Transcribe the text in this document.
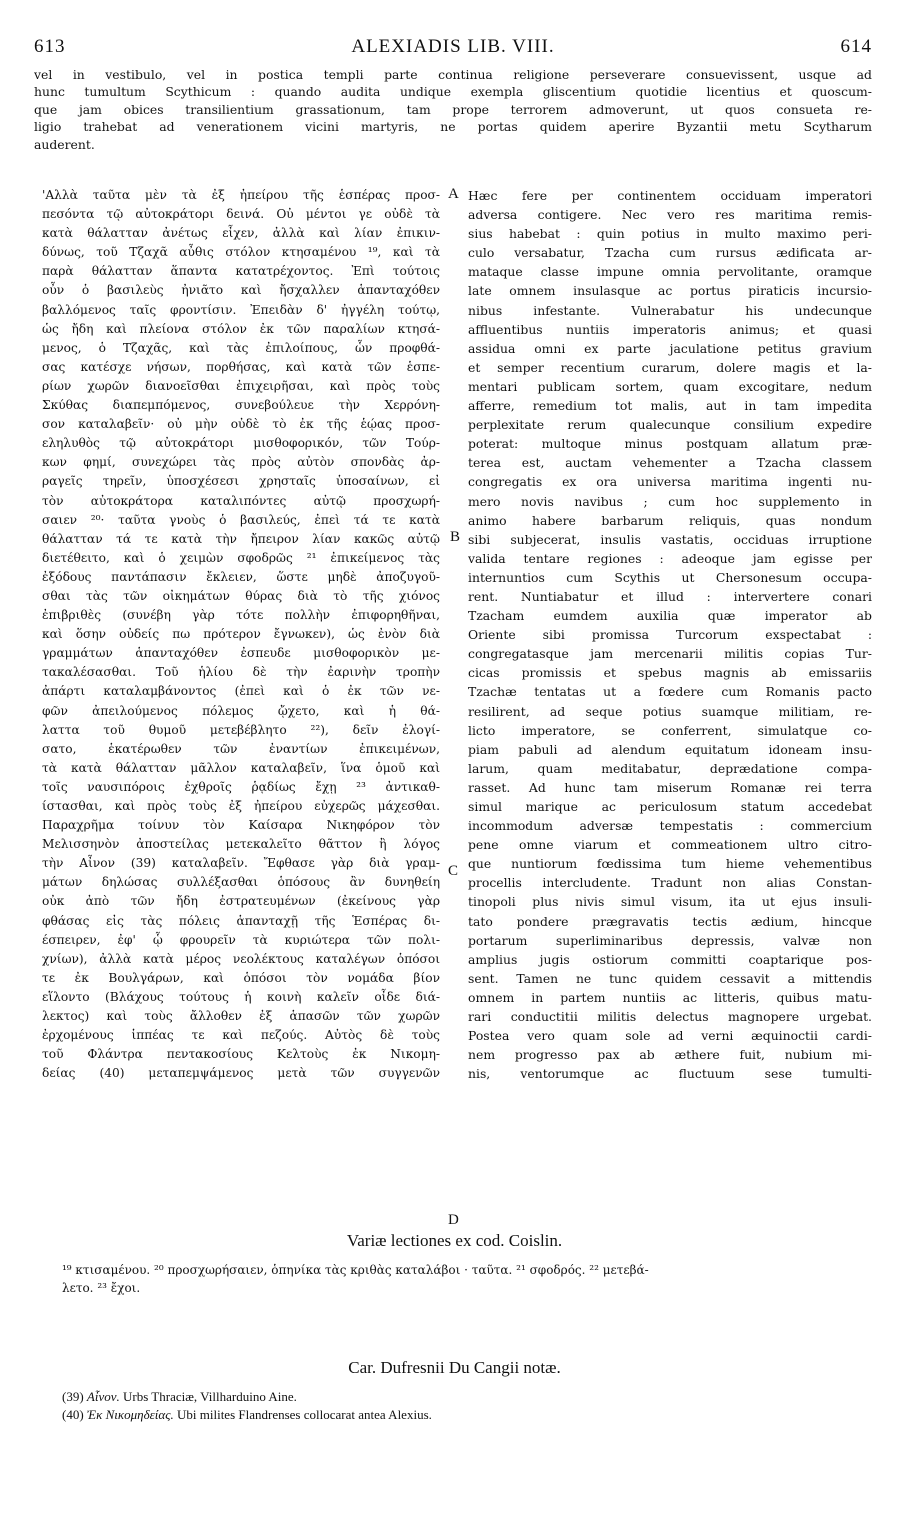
613	ALEXIADIS LIB. VIII.	614
vel in vestibulo, vel in postica templi parte continua religione perseverare consuevissent, usque ad
hunc tumultum Scythicum : quando audita undique exempla gliscentium quotidie licentius et quoscum-
que jam obices transilientium grassationum, tam prope terrorem admoverunt, ut quos consueta re-
ligio trahebat ad venerationem vicini martyris, ne portas quidem aperire Byzantii metu Scytharum
auderent.
'Αλλὰ ταῦτα μὲν τὰ ἐξ ἠπείρου τῆς ἑσπέρας προσ-
πεσόντα τῷ αὐτοκράτορι δεινά. Οὐ μέντοι γε οὐδὲ τὰ
κατὰ θάλατταν ἀνέτως εἶχεν, ἀλλὰ καὶ λίαν ἐπικιν-
δύνως, τοῦ Τζαχᾶ αὖθις στόλον κτησαμένου ¹⁹, καὶ τὰ
παρὰ θάλατταν ἅπαντα κατατρέχοντος. Ἐπὶ τούτοις
οὖν ὁ βασιλεὺς ἠνιᾶτο καὶ ἤσχαλλεν ἁπανταχόθεν
βαλλόμενος ταῖς φροντίσιν. Ἐπειδὰν δ' ἠγγέλη τούτῳ,
ὡς ἤδη καὶ πλείονα στόλον ἐκ τῶν παραλίων κτησά-
μενος, ὁ Τζαχᾶς, καὶ τὰς ἐπιλοίπους, ὧν προφθά-
σας κατέσχε νήσων, πορθήσας, καὶ κατὰ τῶν ἑσπε-
ρίων χωρῶν διανοεῖσθαι ἐπιχειρῆσαι, καὶ πρὸς τοὺς
Σκύθας διαπεμπόμενος, συνεβούλευε τὴν Χερρόνη-
σον καταλαβεῖν· οὐ μὴν οὐδὲ τὸ ἐκ τῆς ἑῴας προσ-
εληλυθὸς τῷ αὐτοκράτορι μισθοφορικόν, τῶν Τούρ-
κων φημί, συνεχώρει τὰς πρὸς αὐτὸν σπονδὰς ἀρ-
ραγεῖς τηρεῖν, ὑποσχέσεσι χρησταῖς ὑποσαίνων, εἰ
τὸν αὐτοκράτορα καταλιπόντες αὐτῷ προσχωρή-
σαιεν ²⁰· ταῦτα γνοὺς ὁ βασιλεύς, ἐπεὶ τά τε κατὰ
θάλατταν τά τε κατὰ τὴν ἤπειρον λίαν κακῶς αὐτῷ
διετέθειτο, καὶ ὁ χειμὼν σφοδρῶς ²¹ ἐπικείμενος τὰς
ἐξόδους παντάπασιν ἔκλειεν, ὥστε μηδὲ ἀποζυγοῦ-
σθαι τὰς τῶν οἰκημάτων θύρας διὰ τὸ τῆς χιόνος
ἐπιβριθὲς (συνέβη γὰρ τότε πολλὴν ἐπιφορηθῆναι,
καὶ ὅσην οὐδείς πω πρότερον ἔγνωκεν), ὡς ἐνὸν διὰ
γραμμάτων ἁπανταχόθεν ἐσπευδε μισθοφορικὸν με-
τακαλέσασθαι. Τοῦ ἡλίου δὲ τὴν ἐαρινὴν τροπὴν
ἀπάρτι καταλαμβάνοντος (ἐπεὶ καὶ ὁ ἐκ τῶν νε-
φῶν ἀπειλούμενος πόλεμος ᾤχετο, καὶ ἡ θά-
λαττα τοῦ θυμοῦ μετεβέβλητο ²²), δεῖν ἐλογί-
σατο, ἑκατέρωθεν τῶν ἐναντίων ἐπικειμένων,
τὰ κατὰ θάλατταν μᾶλλον καταλαβεῖν, ἵνα ὁμοῦ καὶ
τοῖς ναυσιπόροις ἐχθροῖς ῥᾳδίως ἔχῃ ²³ ἀντικαθ-
ίστασθαι, καὶ πρὸς τοὺς ἐξ ἠπείρου εὐχερῶς μάχεσθαι.
Παραχρῆμα τοίνυν τὸν Καίσαρα Νικηφόρον τὸν
Μελισσηνὸν ἀποστείλας μετεκαλεῖτο θᾶττον ἢ λόγος
τὴν Αἶνον (39) καταλαβεῖν. Ἔφθασε γὰρ διὰ γραμ-
μάτων δηλώσας συλλέξασθαι ὁπόσους ἂν δυνηθείη
οὐκ ἀπὸ τῶν ἤδη ἐστρατευμένων (ἐκείνους γὰρ
φθάσας εἰς τὰς πόλεις ἁπανταχῇ τῆς Ἑσπέρας δι-
έσπειρεν, ἐφ' ᾧ φρουρεῖν τὰ κυριώτερα τῶν πολι-
χνίων), ἀλλὰ κατὰ μέρος νεολέκτους καταλέγων ὁπόσοι
τε ἐκ Βουλγάρων, καὶ ὁπόσοι τὸν νομάδα βίον
εἵλοντο (Βλάχους τούτους ἡ κοινὴ καλεῖν οἶδε διά-
λεκτος) καὶ τοὺς ἄλλοθεν ἐξ ἁπασῶν τῶν χωρῶν
ἐρχομένους ἱππέας τε καὶ πεζούς. Αὐτὸς δὲ τοὺς
τοῦ Φλάντρα πεντακοσίους Κελτοὺς ἐκ Νικομη-
δείας (40) μεταπεμψάμενος μετὰ τῶν συγγενῶν
Hæc fere per continentem occiduam imperatori
adversa contigere. Nec vero res maritima remis-
sius habebat : quin potius in multo maximo peri-
culo versabatur, Tzacha cum rursus ædificata ar-
mataque classe impune omnia pervolitante, oramque
late omnem insulasque ac portus piraticis incursio-
nibus infestante. Vulnerabatur his undecunque
affluentibus nuntiis imperatoris animus; et quasi
assidua omni ex parte jaculatione petitus gravium
et semper recentium curarum, dolere magis et la-
mentari publicam sortem, quam excogitare, nedum
afferre, remedium tot malis, aut in tam impedita
perplexitate rerum qualecunque consilium expedire
poterat: multoque minus postquam allatum præ-
terea est, auctam vehementer a Tzacha classem
congregatis ex ora universa maritima ingenti nu-
mero novis navibus ; cum hoc supplemento in
animo habere barbarum reliquis, quas nondum
sibi subjecerat, insulis vastatis, occiduas irruptione
valida tentare regiones : adeoque jam egisse per
internuntios cum Scythis ut Chersonesum occupa-
rent. Nuntiabatur et illud : intervertere conari
Tzacham eumdem auxilia quæ imperator ab
Oriente sibi promissa Turcorum exspectabat :
congregatasque jam mercenarii militis copias Tur-
cicas promissis et spebus magnis ab emissariis
Tzachæ tentatas ut a fœdere cum Romanis pacto
resilirent, ad seque potius suamque militiam, re-
licto imperatore, se conferrent, simulatque co-
piam pabuli ad alendum equitatum idoneam insu-
larum, quam meditabatur, deprædatione compa-
rasset. Ad hunc tam miserum Romanæ rei terra
simul marique ac periculosum statum accedebat
incommodum adversæ tempestatis : commercium
pene omne viarum et commeationem ultro citro-
que nuntiorum fœdissima tum hieme vehementibus
procellis intercludente. Tradunt non alias Constan-
tinopoli plus nivis simul visum, ita ut ejus insuli-
tato pondere prægravatis tectis ædium, hincque
portarum superliminaribus depressis, valvæ non
amplius jugis ostiorum committi coaptarique pos-
sent. Tamen ne tunc quidem cessavit a mittendis
omnem in partem nuntiis ac litteris, quibus matu-
rari conductitii militis delectus magnopere urgebat.
Postea vero quam sole ad verni æquinoctii cardi-
nem progresso pax ab æthere fuit, nubium mi-
nis, ventorumque ac fluctuum sese tumulti-
A
B
C
D
Variæ lectiones ex cod. Coislin.
¹⁹ κτισαμένου. ²⁰ προσχωρήσαιεν, ὁπηνίκα τὰς κριθὰς καταλάβοι · ταῦτα. ²¹ σφοδρός. ²² μετεβά-
λετο. ²³ ἔχοι.
Car. Dufresnii Du Cangii notæ.
(39) Αἶνον. Urbs Thraciæ, Villharduino Aine.
(40) Ἐκ Νικομηδείας. Ubi milites Flandrenses collocarat antea Alexius.
